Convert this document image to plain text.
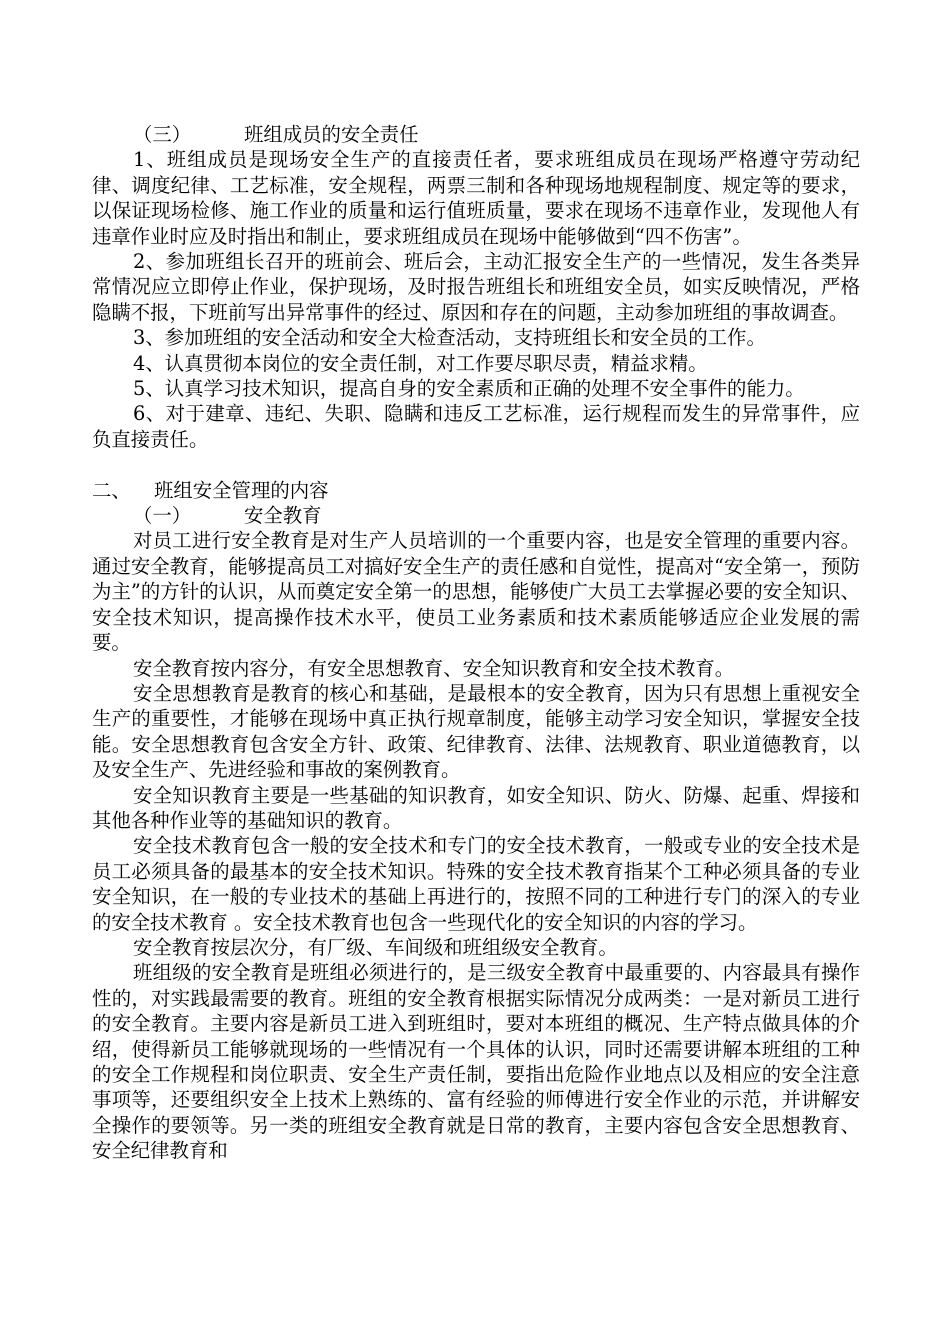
（三）	班组成员的安全责任

1、班组成员是现场安全生产的直接责任者，要求班组成员在现场严格遵守劳动纪律、调度纪律、工艺标准，安全规程，两票三制和各种现场地规程制度、规定等的要求，以保证现场检修、施工作业的质量和运行值班质量，要求在现场不违章作业，发现他人有违章作业时应及时指出和制止，要求班组成员在现场中能够做到“四不伤害”。

2、参加班组长召开的班前会、班后会，主动汇报安全生产的一些情况，发生各类异常情况应立即停止作业，保护现场，及时报告班组长和班组安全员，如实反映情况，严格隐瞒不报，下班前写出异常事件的经过、原因和存在的问题，主动参加班组的事故调查。

3、参加班组的安全活动和安全大检查活动，支持班组长和安全员的工作。

4、认真贯彻本岗位的安全责任制，对工作要尽职尽责，精益求精。

5、认真学习技术知识，提高自身的安全素质和正确的处理不安全事件的能力。

6、对于建章、违纪、失职、隐瞒和违反工艺标准，运行规程而发生的异常事件，应负直接责任。

二、 班组安全管理的内容

（一）	安全教育

对员工进行安全教育是对生产人员培训的一个重要内容，也是安全管理的重要内容。通过安全教育，能够提高员工对搞好安全生产的责任感和自觉性，提高对“安全第一，预防为主”的方针的认识，从而奠定安全第一的思想，能够使广大员工去掌握必要的安全知识、安全技术知识，提高操作技术水平，使员工业务素质和技术素质能够适应企业发展的需要。

安全教育按内容分，有安全思想教育、安全知识教育和安全技术教育。

安全思想教育是教育的核心和基础，是最根本的安全教育，因为只有思想上重视安全生产的重要性，才能够在现场中真正执行规章制度，能够主动学习安全知识，掌握安全技能。安全思想教育包含安全方针、政策、纪律教育、法律、法规教育、职业道德教育，以及安全生产、先进经验和事故的案例教育。

安全知识教育主要是一些基础的知识教育，如安全知识、防火、防爆、起重、焊接和其他各种作业等的基础知识的教育。

安全技术教育包含一般的安全技术和专门的安全技术教育，一般或专业的安全技术是员工必须具备的最基本的安全技术知识。特殊的安全技术教育指某个工种必须具备的专业安全知识，在一般的专业技术的基础上再进行的，按照不同的工种进行专门的深入的专业的安全技术教育 。安全技术教育也包含一些现代化的安全知识的内容的学习。

安全教育按层次分，有厂级、车间级和班组级安全教育。

班组级的安全教育是班组必须进行的，是三级安全教育中最重要的、内容最具有操作性的，对实践最需要的教育。班组的安全教育根据实际情况分成两类：一是对新员工进行的安全教育。主要内容是新员工进入到班组时，要对本班组的概况、生产特点做具体的介绍，使得新员工能够就现场的一些情况有一个具体的认识，同时还需要讲解本班组的工种的安全工作规程和岗位职责、安全生产责任制，要指出危险作业地点以及相应的安全注意事项等，还要组织安全上技术上熟练的、富有经验的师傅进行安全作业的示范，并讲解安全操作的要领等。另一类的班组安全教育就是日常的教育，主要内容包含安全思想教育、安全纪律教育和
